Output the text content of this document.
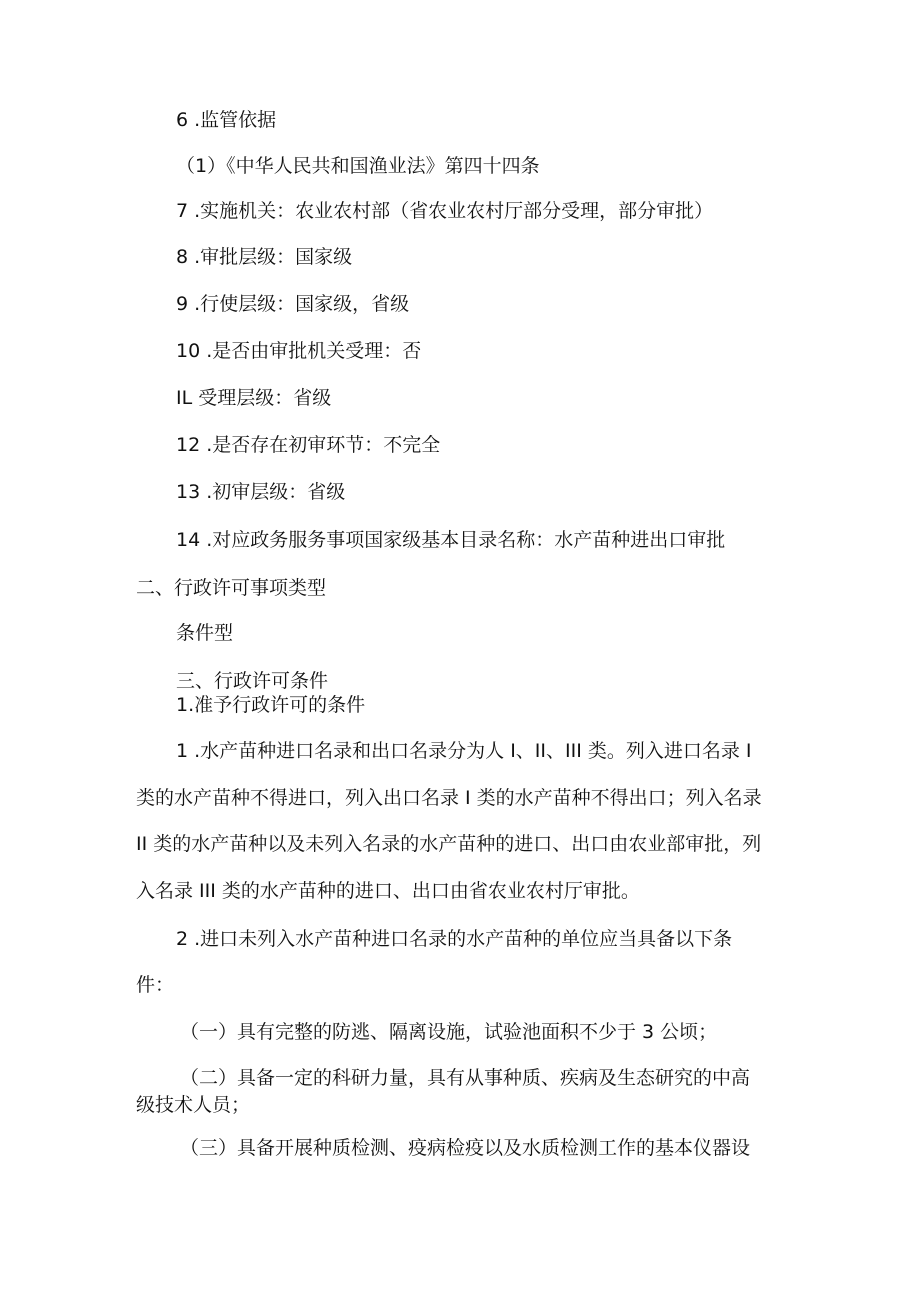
6 .监管依据

（1）《中华人民共和国渔业法》第四十四条

7 .实施机关：农业农村部（省农业农村厅部分受理，部分审批）

8 .审批层级：国家级

9 .行使层级：国家级，省级

10 .是否由审批机关受理：否

IL 受理层级：省级

12 .是否存在初审环节：不完全

13 .初审层级：省级

14 .对应政务服务事项国家级基本目录名称：水产苗种进出口审批

二、行政许可事项类型

条件型

三、行政许可条件

1.准予行政许可的条件

1 .水产苗种进口名录和出口名录分为人 I、II、III 类。列入进口名录 I

类的水产苗种不得进口，列入出口名录 I 类的水产苗种不得出口；列入名录

II 类的水产苗种以及未列入名录的水产苗种的进口、出口由农业部审批，列

入名录 III 类的水产苗种的进口、出口由省农业农村厅审批。

2 .进口未列入水产苗种进口名录的水产苗种的单位应当具备以下条

件：

（一）具有完整的防逃、隔离设施，试验池面积不少于 3 公顷；

（二）具备一定的科研力量，具有从事种质、疾病及生态研究的中高

级技术人员；

（三）具备开展种质检测、疫病检疫以及水质检测工作的基本仪器设
